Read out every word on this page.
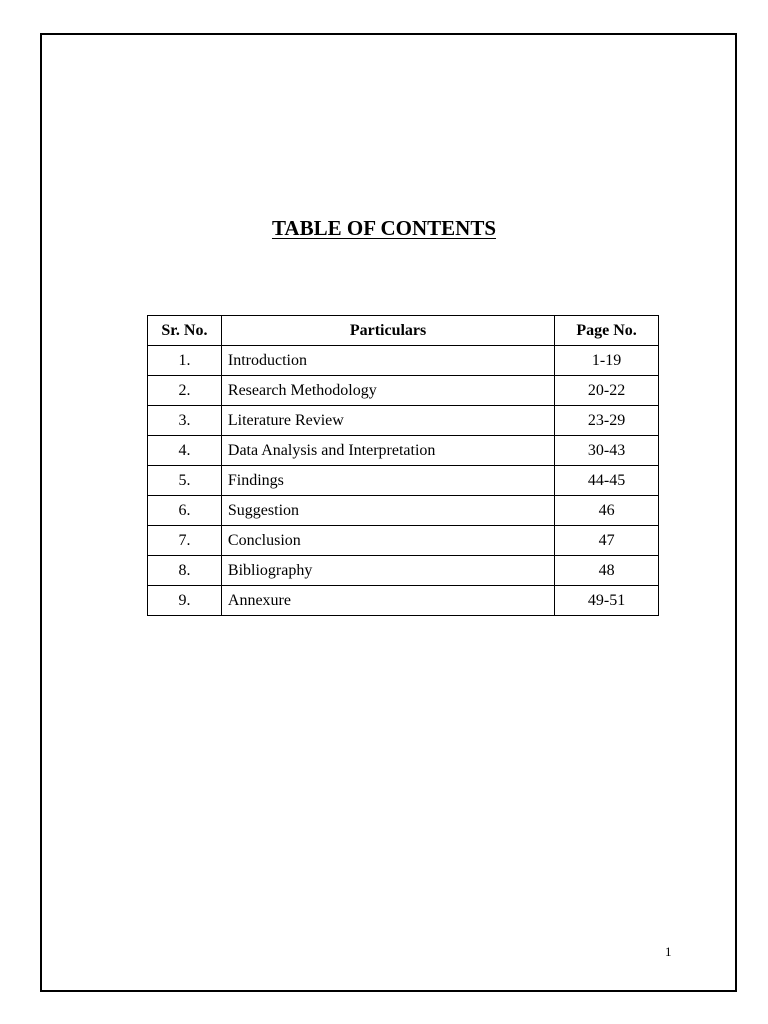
TABLE OF CONTENTS
Sr. No.	Particulars	Page No.
1.	Introduction	1-19
2.	Research Methodology	20-22
3.	Literature Review	23-29
4.	Data Analysis and Interpretation	30-43
5.	Findings	44-45
6.	Suggestion	46
7.	Conclusion	47
8.	Bibliography	48
9.	Annexure	49-51
1
